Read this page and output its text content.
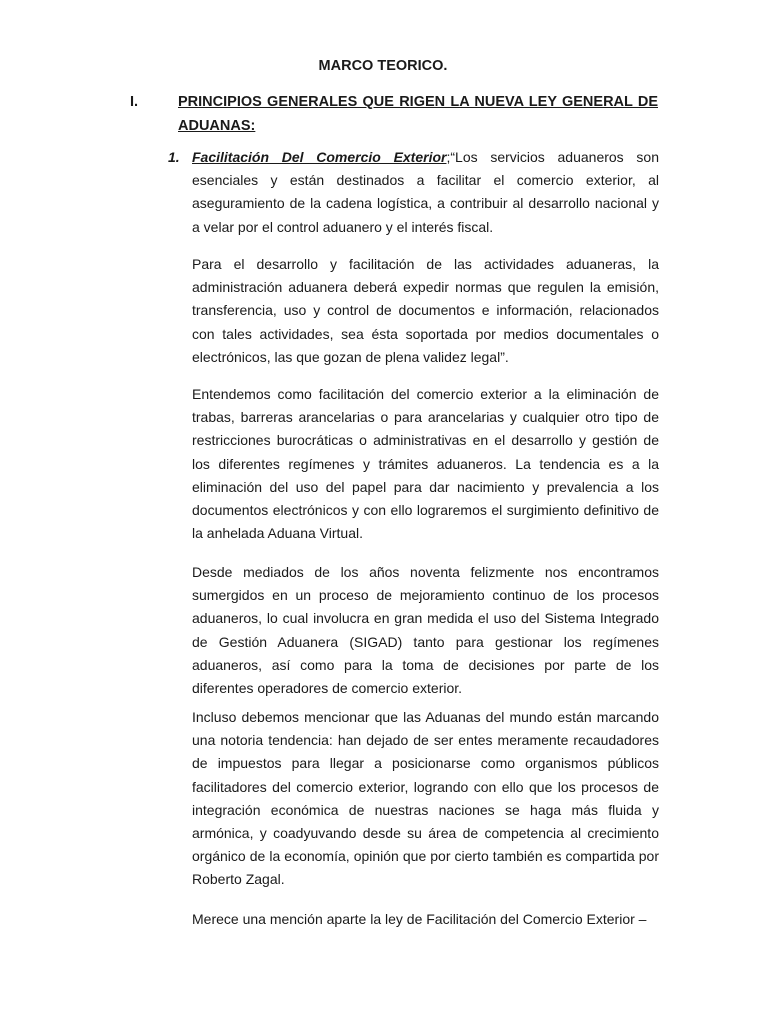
MARCO TEORICO.
I.	PRINCIPIOS GENERALES QUE RIGEN LA NUEVA LEY GENERAL DE ADUANAS:
1. Facilitación Del Comercio Exterior;“Los servicios aduaneros son esenciales y están destinados a facilitar el comercio exterior, al aseguramiento de la cadena logística, a contribuir al desarrollo nacional y a velar por el control aduanero y el interés fiscal.
Para el desarrollo y facilitación de las actividades aduaneras, la administración aduanera deberá expedir normas que regulen la emisión, transferencia, uso y control de documentos e información, relacionados con tales actividades, sea ésta soportada por medios documentales o electrónicos, las que gozan de plena validez legal”.
Entendemos como facilitación del comercio exterior a la eliminación de trabas, barreras arancelarias o para arancelarias y cualquier otro tipo de restricciones burocráticas o administrativas en el desarrollo y gestión de los diferentes regímenes y trámites aduaneros. La tendencia es a la eliminación del uso del papel para dar nacimiento y prevalencia a los documentos electrónicos y con ello lograremos el surgimiento definitivo de la anhelada Aduana Virtual.
Desde mediados de los años noventa felizmente nos encontramos sumergidos en un proceso de mejoramiento continuo de los procesos aduaneros, lo cual involucra en gran medida el uso del Sistema Integrado de Gestión Aduanera (SIGAD) tanto para gestionar los regímenes aduaneros, así como para la toma de decisiones por parte de los diferentes operadores de comercio exterior.
Incluso debemos mencionar que las Aduanas del mundo están marcando una notoria tendencia: han dejado de ser entes meramente recaudadores de impuestos para llegar a posicionarse como organismos públicos facilitadores del comercio exterior, logrando con ello que los procesos de integración económica de nuestras naciones se haga más fluida y armónica, y coadyuvando desde su área de competencia al crecimiento orgánico de la economía, opinión que por cierto también es compartida por Roberto Zagal.
Merece una mención aparte la ley de Facilitación del Comercio Exterior –
